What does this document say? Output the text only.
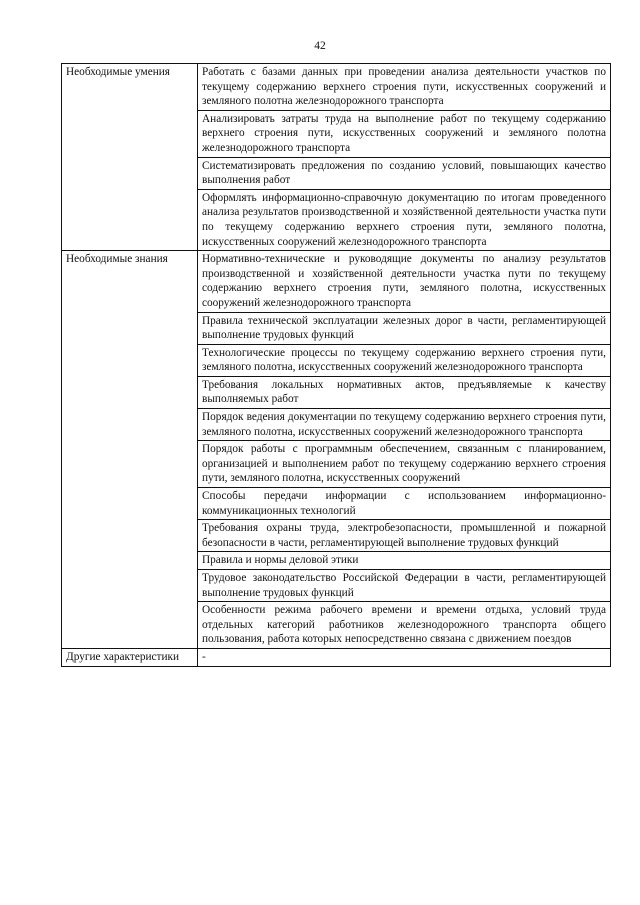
42
Необходимые умения	Работать с базами данных при проведении анализа деятельности участков по текущему содержанию верхнего строения пути, искусственных сооружений и земляного полотна железнодорожного транспорта
	Анализировать затраты труда на выполнение работ по текущему содержанию верхнего строения пути, искусственных сооружений и земляного полотна железнодорожного транспорта
	Систематизировать предложения по созданию условий, повышающих качество выполнения работ
	Оформлять информационно-справочную документацию по итогам проведенного анализа результатов производственной и хозяйственной деятельности участка пути по текущему содержанию верхнего строения пути, земляного полотна, искусственных сооружений железнодорожного транспорта
Необходимые знания	Нормативно-технические и руководящие документы по анализу результатов производственной и хозяйственной деятельности участка пути по текущему содержанию верхнего строения пути, земляного полотна, искусственных сооружений железнодорожного транспорта
	Правила технической эксплуатации железных дорог в части, регламентирующей выполнение трудовых функций
	Технологические процессы по текущему содержанию верхнего строения пути, земляного полотна, искусственных сооружений железнодорожного транспорта
	Требования локальных нормативных актов, предъявляемые к качеству выполняемых работ
	Порядок ведения документации по текущему содержанию верхнего строения пути, земляного полотна, искусственных сооружений железнодорожного транспорта
	Порядок работы с программным обеспечением, связанным с планированием, организацией и выполнением работ по текущему содержанию верхнего строения пути, земляного полотна, искусственных сооружений
	Способы передачи информации с использованием информационно-коммуникационных технологий
	Требования охраны труда, электробезопасности, промышленной и пожарной безопасности в части, регламентирующей выполнение трудовых функций
	Правила и нормы деловой этики
	Трудовое законодательство Российской Федерации в части, регламентирующей выполнение трудовых функций
	Особенности режима рабочего времени и времени отдыха, условий труда отдельных категорий работников железнодорожного транспорта общего пользования, работа которых непосредственно связана с движением поездов
Другие характеристики	-
